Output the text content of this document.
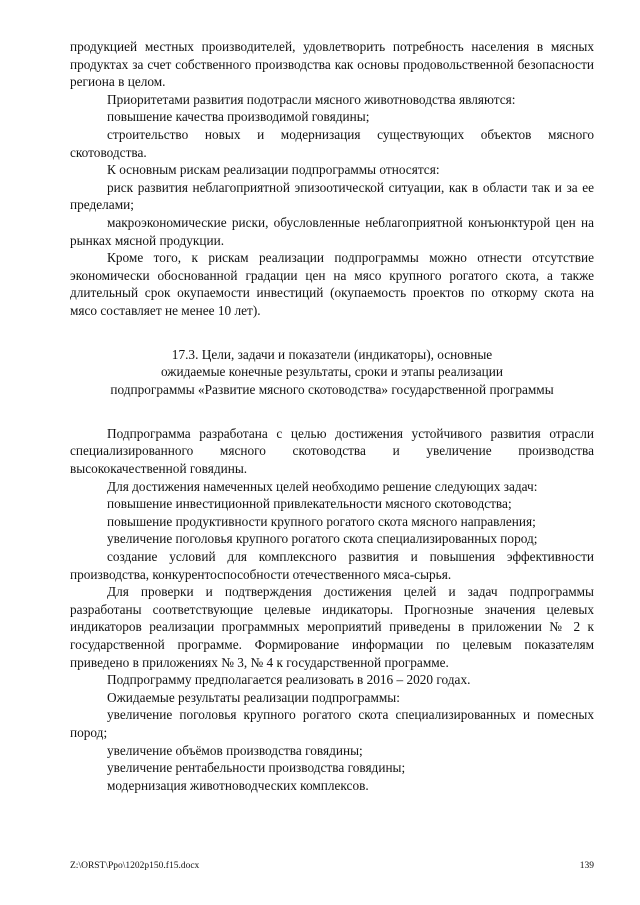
продукцией местных производителей, удовлетворить потребность населения в мясных продуктах за счет собственного производства как основы продовольственной безопасности региона в целом.

Приоритетами развития подотрасли мясного животноводства являются:

повышение качества производимой говядины;

строительство новых и модернизация существующих объектов мясного скотоводства.

К основным рискам реализации подпрограммы относятся:

риск развития неблагоприятной эпизоотической ситуации, как в области так и за ее пределами;

макроэкономические риски, обусловленные неблагоприятной конъюнктурой цен на рынках мясной продукции.

Кроме того, к рискам реализации подпрограммы можно отнести отсутствие экономически обоснованной градации цен на мясо крупного рогатого скота, а также длительный срок окупаемости инвестиций (окупаемость проектов по откорму скота на мясо составляет не менее 10 лет).

17.3. Цели, задачи и показатели (индикаторы), основные
ожидаемые конечные результаты, сроки и этапы реализации
подпрограммы «Развитие мясного скотоводства» государственной программы

Подпрограмма разработана с целью достижения устойчивого развития отрасли специализированного мясного скотоводства и увеличение производства высококачественной говядины.

Для достижения намеченных целей необходимо решение следующих задач:

повышение инвестиционной привлекательности мясного скотоводства;

повышение продуктивности крупного рогатого скота мясного направления;

увеличение поголовья крупного рогатого скота специализированных пород;

создание условий для комплексного развития и повышения эффективности производства, конкурентоспособности отечественного мяса-сырья.

Для проверки и подтверждения достижения целей и задач подпрограммы разработаны соответствующие целевые индикаторы. Прогнозные значения целевых индикаторов реализации программных мероприятий приведены в приложении № 2 к государственной программе. Формирование информации по целевым показателям приведено в приложениях № 3, № 4 к государственной программе.

Подпрограмму предполагается реализовать в 2016 – 2020 годах.

Ожидаемые результаты реализации подпрограммы:

увеличение поголовья крупного рогатого скота специализированных и помесных пород;

увеличение объёмов производства говядины;

увеличение рентабельности производства говядины;

модернизация животноводческих комплексов.

Z:\ORST\Ppo\1202p150.f15.docx	139
